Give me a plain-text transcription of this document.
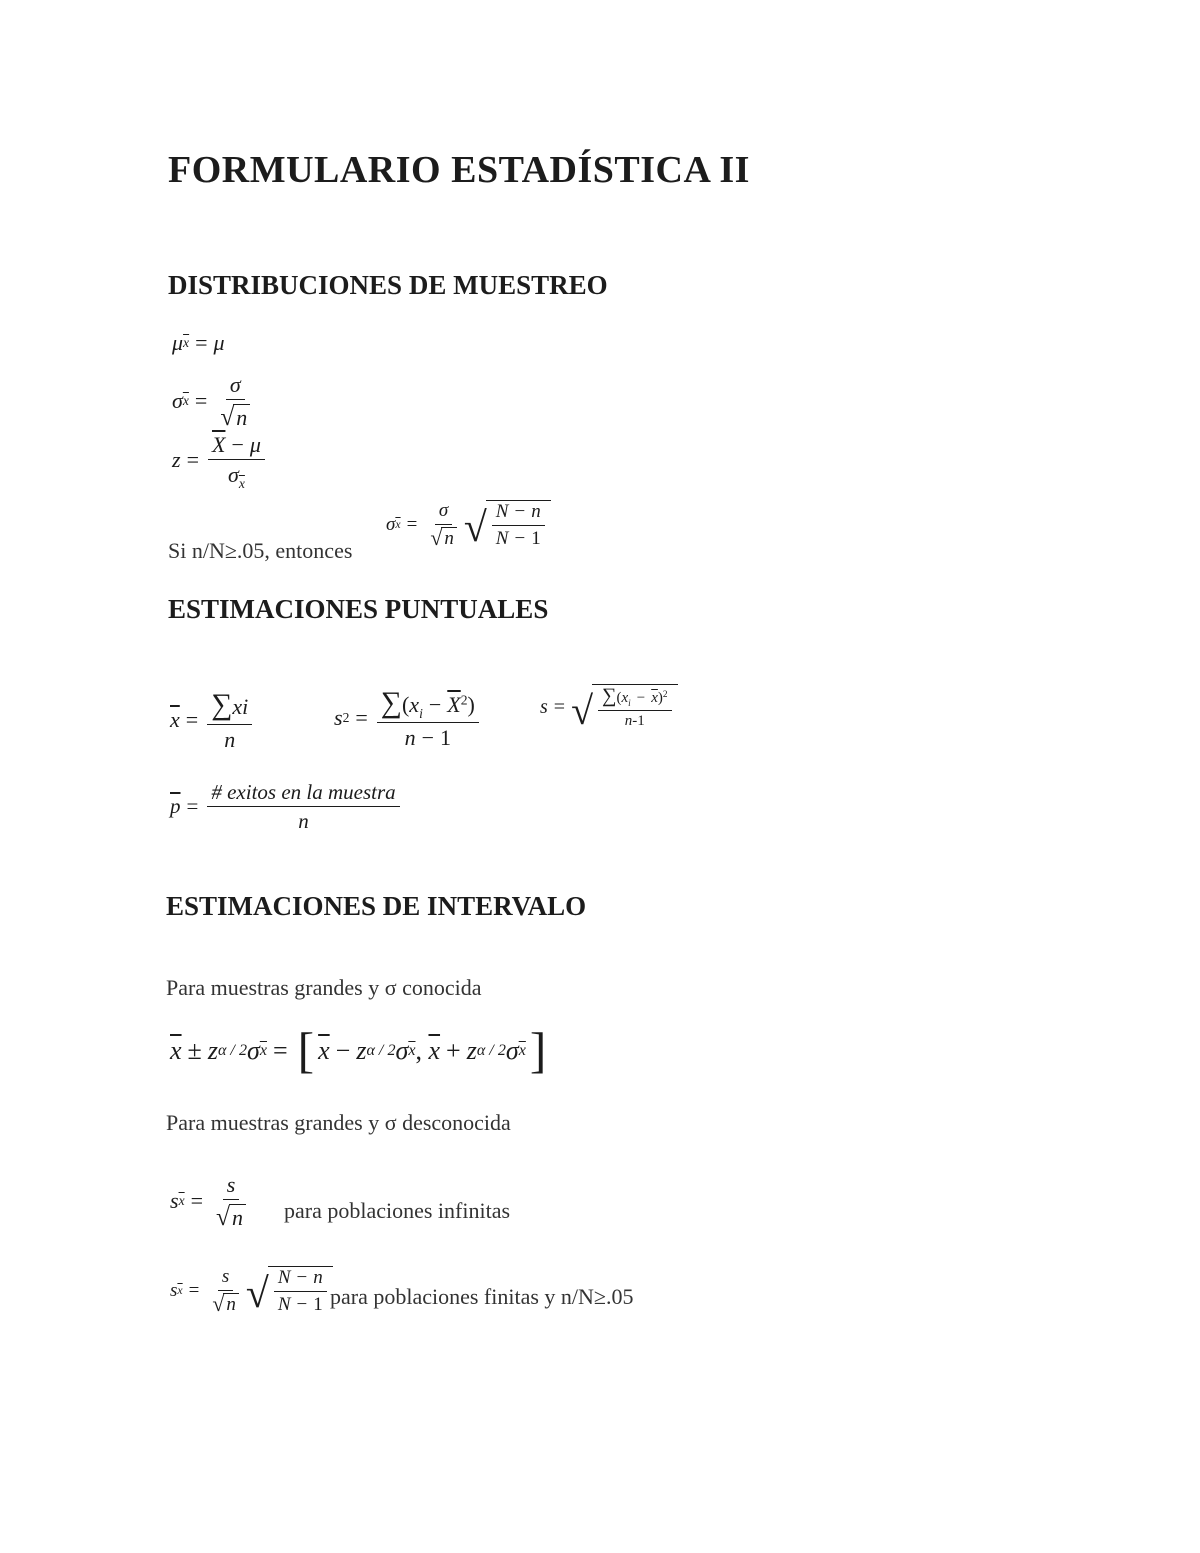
FORMULARIO ESTADÍSTICA II
DISTRIBUCIONES DE MUESTREO
μ $\overline{x} = \mu$
σ $\overline{x} = \frac{\sigma}{√ n}$
$z = \frac{\overline{X} - \mu}{\sigma_{\overline{x}}}$
Si n/N≥.05, entonces
σ $\overline{x} = \frac{\sigma}{√ n}$ √ $\frac{N - n}{N - 1}$
ESTIMACIONES PUNTUALES
$\overline{x} = \frac{\sum xi}{n}$	s $2 = \frac{\sum(x_i - \overline{X}^2)}{n - 1}$	s = √ $\frac{\sum(x_i - \overline{x})^2}{n-1}$
$\overline{p} = \frac{\text{\# exitos en la muestra}}{n}$
ESTIMACIONES DE INTERVALO
Para muestras grandes y σ conocida
$\overline{x} \pm z$ α / 2 σ $\overline{x}$ = [ $\overline{x} - z$ α / 2 σ $\overline{x}$ ,
$\overline{x} + z$ α / 2 σ $\overline{x}$ ]
Para muestras grandes y σ desconocida
s $\overline{x} = \frac{s}{√ n}$ para poblaciones infinitas
s $\overline{x} = \frac{s}{√ n}$ √ $\frac{N - n}{N - 1}$ para poblaciones finitas y n/N≥.05
